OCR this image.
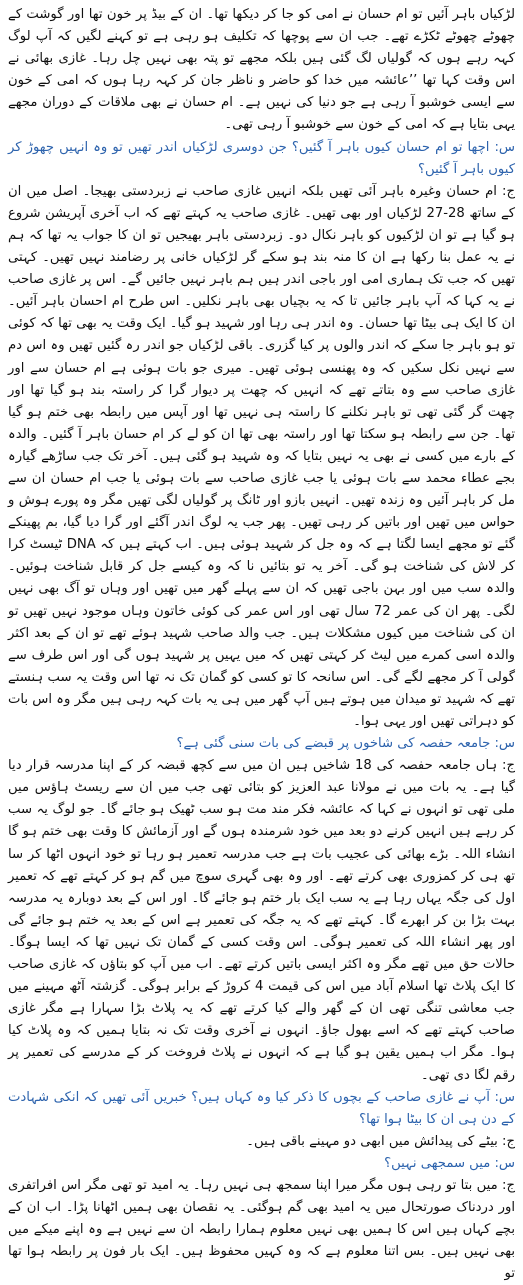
لڑکیاں باہر آئیں تو ام حسان نے امی کو جا کر دیکھا تھا۔ ان کے بیڈ پر خون تھا اور گوشت کے چھوٹے چھوٹے ٹکڑے تھے۔ جب ان سے پوچھا کہ تکلیف ہو رہی ہے تو کہنے لگیں کہ آپ لوگ کہہ رہے ہوں کہ گولیاں لگ گئی ہیں بلکہ مجھے تو پتہ بھی نہیں چل رہا۔ غازی بھائی نے اس وقت کہا تھا ’’عائشہ میں خدا کو حاضر و ناظر جان کر کہہ رہا ہوں کہ امی کے خون سے ایسی خوشبو آ رہی ہے جو دنیا کی نہیں ہے۔ ام حسان نے بھی ملاقات کے دوران مجھے یہی بتایا ہے کہ امی کے خون سے خوشبو آ رہی تھی۔

س: اچھا تو ام حسان کیوں باہر آ گئیں؟ جن دوسری لڑکیاں اندر تھیں تو وہ انہیں چھوڑ کر کیوں باہر آ گئیں؟

ج: ام حسان وغیرہ باہر آئی تھیں بلکہ انہیں غازی صاحب نے زبردستی بھیجا۔ اصل میں ان کے ساتھ 28-27 لڑکیاں اور بھی تھیں۔ غازی صاحب یہ کہتے تھے کہ اب آخری آپریشن شروع ہو گیا ہے تو ان لڑکیوں کو باہر نکال دو۔ زبردستی باہر بھیجیں تو ان کا جواب یہ تھا کہ ہم نے یہ عمل بنا رکھا ہے ان کا منہ بند ہو سکے گر لڑکیاں خانی پر رضامند نہیں تھیں۔ کہتی تھیں کہ جب تک ہماری امی اور باجی اندر ہیں ہم باہر نہیں جائیں گے۔ اس پر غازی صاحب نے یہ کہا کہ آپ باہر جائیں تا کہ یہ بچیاں بھی باہر نکلیں۔ اس طرح ام احسان باہر آئیں۔ ان کا ایک ہی بیٹا تھا حسان۔ وہ اندر ہی رہا اور شہید ہو گیا۔ ایک وقت یہ بھی تھا کہ کوئی تو ہو باہر جا سکے کہ اندر والوں پر کیا گزری۔ باقی لڑکیاں جو اندر رہ گئیں تھیں وہ اس دم سے نہیں نکل سکیں کہ وہ پھنسی ہوئی تھیں۔ میری جو بات ہوئی ہے ام حسان سے اور غازی صاحب سے وہ بتاتے تھے کہ انہیں کہ چھت پر دیوار گرا کر راستہ بند ہو گیا تھا اور چھت گر گئی تھی تو باہر نکلنے کا راستہ ہی نہیں تھا اور آپس میں رابطہ بھی ختم ہو گیا تھا۔ جن سے رابطہ ہو سکتا تھا اور راستہ بھی تھا ان کو لے کر ام حسان باہر آ گئیں۔ والدہ کے بارے میں کسی نے بھی یہ نہیں بتایا کہ وہ شہید ہو گئی ہیں۔ آخر تک جب ساڑھے گیارہ بجے عطاء محمد سے بات ہوئی یا جب غازی صاحب سے بات ہوئی یا جب ام حسان ان سے مل کر باہر آئیں وہ زندہ تھیں۔ انہیں بازو اور ٹانگ پر گولیاں لگی تھیں مگر وہ پورے ہوش و حواس میں تھیں اور باتیں کر رہی تھیں۔ پھر جب یہ لوگ اندر آگئے اور گرا دیا گیا، بم پھینکے گئے تو مجھے ایسا لگتا ہے کہ وہ جل کر شہید ہوئی ہیں۔ اب کہتے ہیں کہ DNA ٹیسٹ کرا کر لاش کی شناخت ہو گی۔ آخر یہ تو بتائیں نا کہ وہ کیسے جل کر قابل شناخت ہوئیں۔ والدہ سب میں اور بہن باجی تھیں کہ ان سے پہلے گھر میں تھیں اور وہاں تو آگ بھی نہیں لگی۔ پھر ان کی عمر 72 سال تھی اور اس عمر کی کوئی خاتون وہاں موجود نہیں تھیں تو ان کی شناخت میں کیوں مشکلات ہیں۔ جب والد صاحب شہید ہوئے تھے تو ان کے بعد اکثر والدہ اسی کمرے میں لیٹ کر کہتی تھیں کہ میں یہیں پر شہید ہوں گی اور اس طرف سے گولی آ کر مجھے لگے گی۔ اس سانحہ کا تو کسی کو گمان تک نہ تھا اس وقت یہ سب ہنستے تھے کہ شہید تو میدان میں ہوتے ہیں آپ گھر میں ہی یہ بات کہہ رہی ہیں مگر وہ اس بات کو دہراتی تھیں اور یہی ہوا۔

س: جامعہ حفصہ کی شاخوں پر قبضے کی بات سنی گئی ہے؟

ج: ہاں جامعہ حفصہ کی 18 شاخیں ہیں ان میں سے کچھ قبضہ کر کے اپنا مدرسہ قرار دیا گیا ہے۔ یہ بات میں نے مولانا عبد العزیز کو بتائی تھی جب میں ان سے ریسٹ ہاؤس میں ملی تھی تو انہوں نے کہا کہ عائشہ فکر مند مت ہو سب ٹھیک ہو جائے گا۔ جو لوگ یہ سب کر رہے ہیں انہیں کرنے دو بعد میں خود شرمندہ ہوں گے اور آزمائش کا وقت بھی ختم ہو گا انشاء اللہ۔ بڑے بھائی کی عجیب بات ہے جب مدرسہ تعمیر ہو رہا تو خود انہوں اٹھا کر سا تھ ہی کر کمزوری بھی کرتے تھے۔ اور وہ بھی گہری سوچ میں گم ہو کر کہتے تھے کہ تعمیر اول کی جگہ یہاں رہا ہے یہ سب ایک بار ختم ہو جائے گا۔ اور اس کے بعد دوبارہ یہ مدرسہ بہت بڑا بن کر ابھرے گا۔ کہتے تھے کہ یہ جگہ کی تعمیر ہے اس کے بعد یہ ختم ہو جائے گی اور پھر انشاء اللہ کی تعمیر ہوگی۔ اس وقت کسی کے گمان تک نہیں تھا کہ ایسا ہوگا۔ حالات حق میں تھے مگر وہ اکثر ایسی باتیں کرتے تھے۔ اب میں آپ کو بتاؤں کہ غازی صاحب کا ایک پلاٹ تھا اسلام آباد میں اس کی قیمت 4 کروڑ کے برابر ہوگی۔ گزشتہ آٹھ مہینے میں جب معاشی تنگی تھی ان کے گھر والے کیا کرتے تھے کہ یہ پلاٹ بڑا سہارا ہے مگر غازی صاحب کہتے تھے کہ اسے بھول جاؤ۔ انہوں نے آخری وقت تک نہ بتایا ہمیں کہ وہ پلاٹ کیا ہوا۔ مگر اب ہمیں یقین ہو گیا ہے کہ انہوں نے پلاٹ فروخت کر کے مدرسے کی تعمیر پر رقم لگا دی تھی۔

س: آپ نے غازی صاحب کے بچوں کا ذکر کیا وہ کہاں ہیں؟ خبریں آئی تھیں کہ انکی شہادت کے دن ہی ان کا بیٹا ہوا تھا؟

ج: بیٹے کی پیدائش میں ابھی دو مہینے باقی ہیں۔

س: میں سمجھی نہیں؟

ج: میں بتا تو رہی ہوں مگر میرا اپنا سمجھ ہی نہیں رہا۔ یہ امید تو تھی مگر اس افراتفری اور دردناک صورتحال میں یہ امید بھی گم ہوگئی۔ یہ نقصان بھی ہمیں اٹھانا پڑا۔ اب ان کے بچے کہاں ہیں اس کا ہمیں بھی نہیں معلوم ہمارا رابطہ ان سے نہیں ہے وہ اپنے میکے میں بھی نہیں ہیں۔ بس اتنا معلوم ہے کہ وہ کہیں محفوظ ہیں۔ ایک بار فون پر رابطہ ہوا تھا تو
